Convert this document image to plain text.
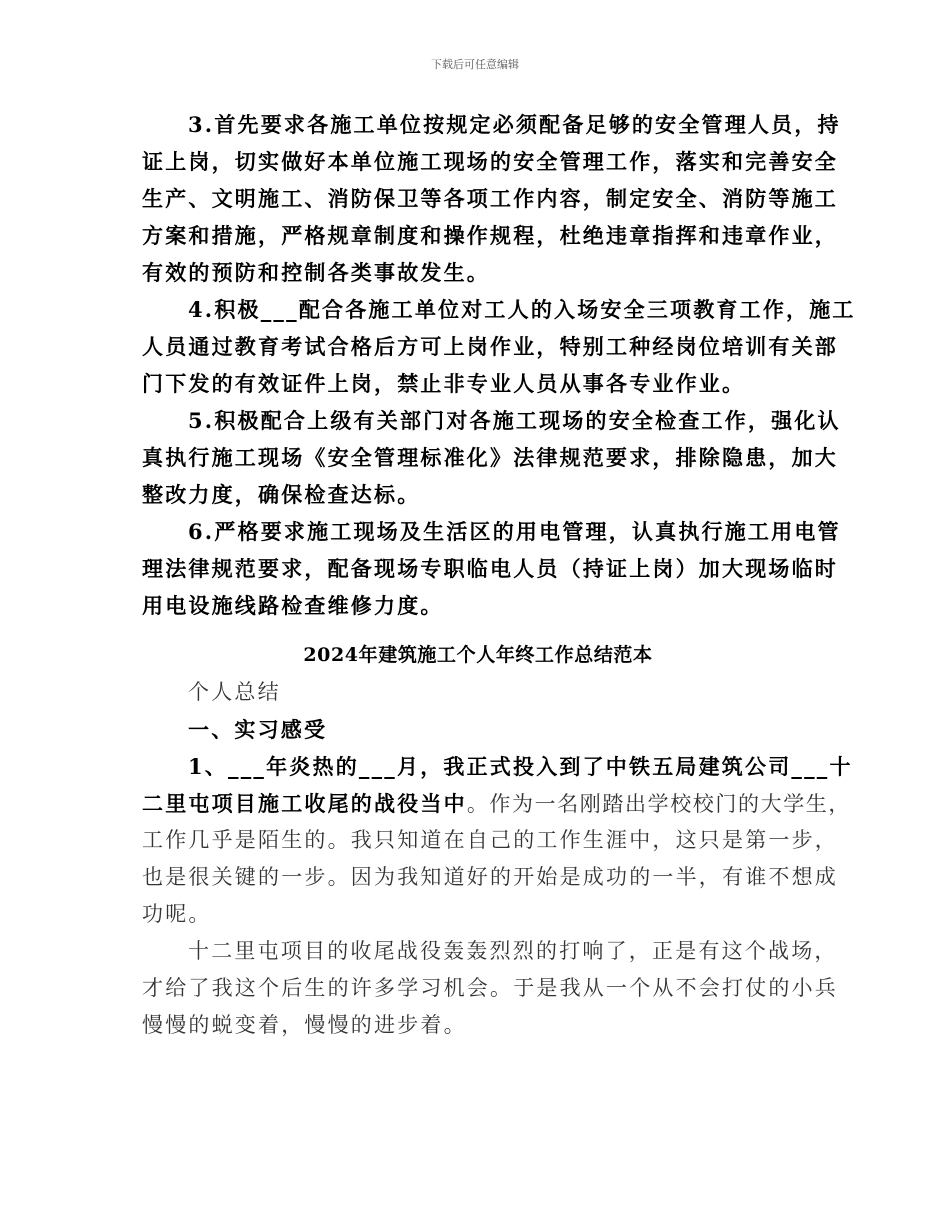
下载后可任意编辑
3.首先要求各施工单位按规定必须配备足够的安全管理人员，持
证上岗，切实做好本单位施工现场的安全管理工作，落实和完善安全
生产、文明施工、消防保卫等各项工作内容，制定安全、消防等施工
方案和措施，严格规章制度和操作规程，杜绝违章指挥和违章作业，
有效的预防和控制各类事故发生。
4.积极___配合各施工单位对工人的入场安全三项教育工作，施工
人员通过教育考试合格后方可上岗作业，特别工种经岗位培训有关部
门下发的有效证件上岗，禁止非专业人员从事各专业作业。
5.积极配合上级有关部门对各施工现场的安全检查工作，强化认
真执行施工现场《安全管理标准化》法律规范要求，排除隐患，加大
整改力度，确保检查达标。
6.严格要求施工现场及生活区的用电管理，认真执行施工用电管
理法律规范要求，配备现场专职临电人员（持证上岗）加大现场临时
用电设施线路检查维修力度。
2024年建筑施工个人年终工作总结范本
个人总结
一、实习感受
1、___年炎热的___月，我正式投入到了中铁五局建筑公司___十
二里屯项目施工收尾的战役当中。作为一名刚踏出学校校门的大学生，
工作几乎是陌生的。我只知道在自己的工作生涯中，这只是第一步，
也是很关键的一步。因为我知道好的开始是成功的一半，有谁不想成
功呢。
十二里屯项目的收尾战役轰轰烈烈的打响了，正是有这个战场，
才给了我这个后生的许多学习机会。于是我从一个从不会打仗的小兵
慢慢的蜕变着，慢慢的进步着。
